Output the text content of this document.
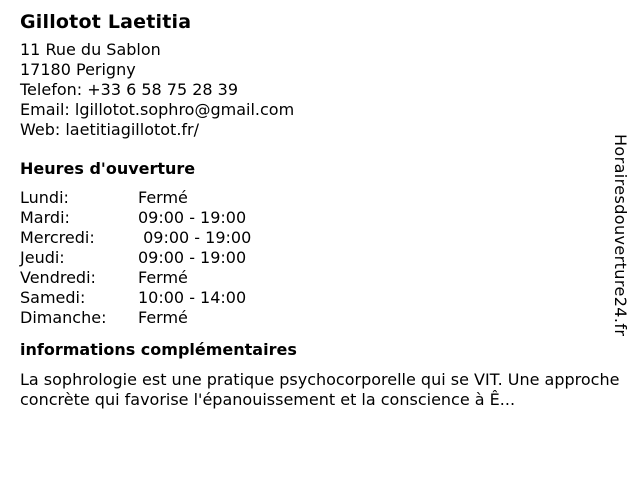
Gillotot Laetitia
11 Rue du Sablon
17180 Perigny
Telefon: +33 6 58 75 28 39
Email: lgillotot.sophro@gmail.com
Web: laetitiagillotot.fr/
Heures d'ouverture
Lundi:	Fermé
Mardi:	09:00 - 19:00
Mercredi:	09:00 - 19:00
Jeudi:	09:00 - 19:00
Vendredi:	Fermé
Samedi:	10:00 - 14:00
Dimanche:	Fermé
informations complémentaires
La sophrologie est une pratique psychocorporelle qui se VIT. Une approche concrète qui favorise l'épanouissement et la conscience à Ê...
Horairesdouverture24.fr
